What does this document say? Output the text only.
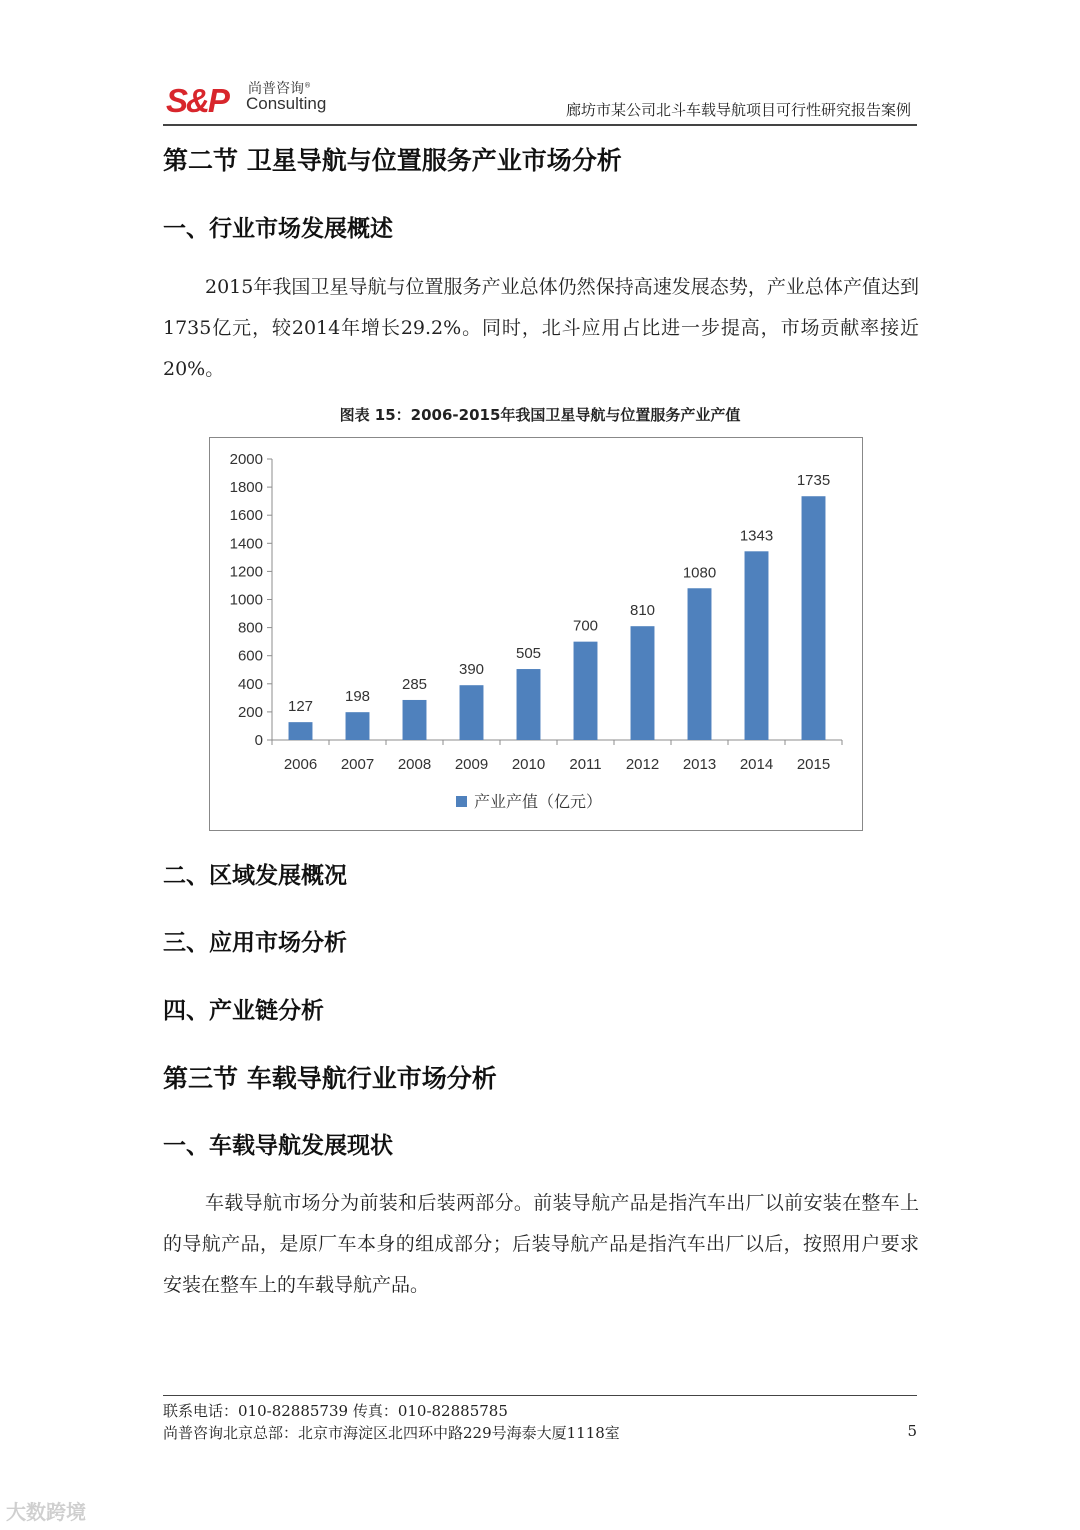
S&P 尚普咨询®
Consulting	廊坊市某公司北斗车载导航项目可行性研究报告案例
第二节 卫星导航与位置服务产业市场分析
一、行业市场发展概述
2015年我国卫星导航与位置服务产业总体仍然保持高速发展态势，产业总体产值达到1735亿元，较2014年增长29.2%。同时，北斗应用占比进一步提高，市场贡献率接近20%。
图表 15：2006-2015年我国卫星导航与位置服务产业产值
0
200
400
600
800
1000
1200
1400
1600
1800
2000
127
2006
198
2007
285
2008
390
2009
505
2010
700
2011
810
2012
1080
2013
1343
2014
1735
2015
产业产值（亿元）
二、区域发展概况
三、应用市场分析
四、产业链分析
第三节 车载导航行业市场分析
一、车载导航发展现状
车载导航市场分为前装和后装两部分。前装导航产品是指汽车出厂以前安装在整车上的导航产品，是原厂车本身的组成部分；后装导航产品是指汽车出厂以后，按照用户要求安装在整车上的车载导航产品。
联系电话：010-82885739 传真：010-82885785
尚普咨询北京总部：北京市海淀区北四环中路229号海泰大厦1118室	5
大数跨境
